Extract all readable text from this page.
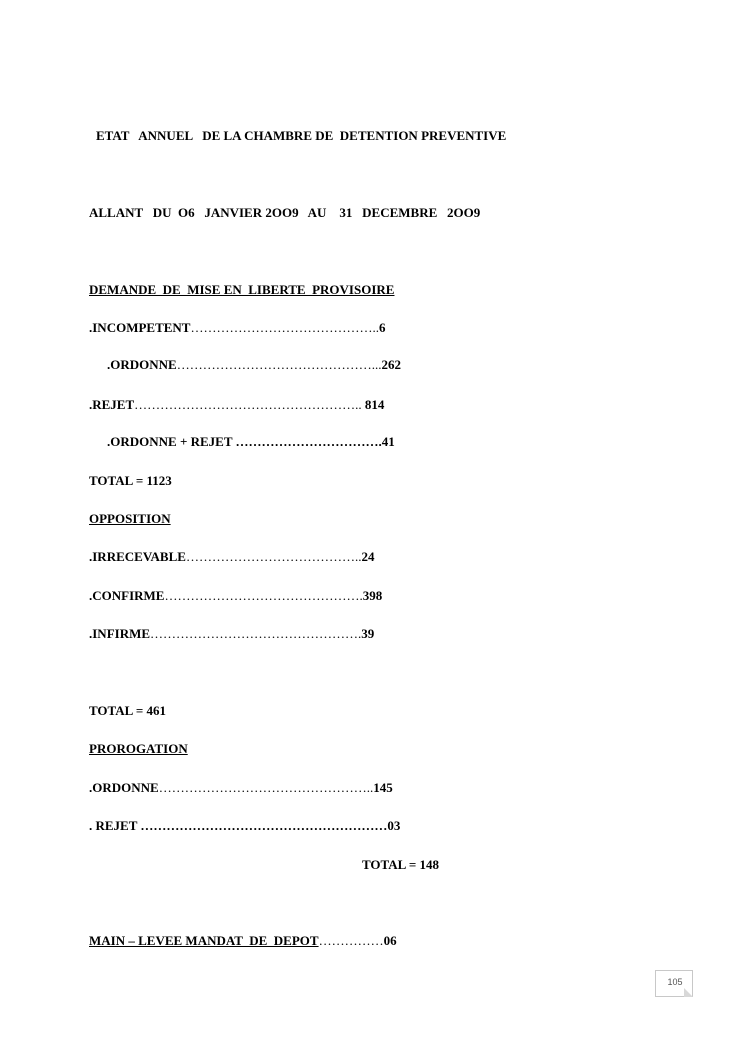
ETAT   ANNUEL   DE LA CHAMBRE DE  DETENTION PREVENTIVE
ALLANT   DU  O6   JANVIER 2OO9   AU    31   DECEMBRE   2OO9
DEMANDE  DE  MISE EN  LIBERTE  PROVISOIRE
.INCOMPETENT……………………………………..6
.ORDONNE………………………………………...262
.REJET…………………………………………….. 814
.ORDONNE + REJET …………………………….41
TOTAL = 1123
OPPOSITION
.IRRECEVABLE…………………………………..24
.CONFIRME……………………………………….398
.INFIRME………………………………………….39
TOTAL = 461
PROROGATION
.ORDONNE…………………………………………..145
. REJET …………………………………………………03
TOTAL = 148
MAIN – LEVEE MANDAT  DE  DEPOT……………06
105
